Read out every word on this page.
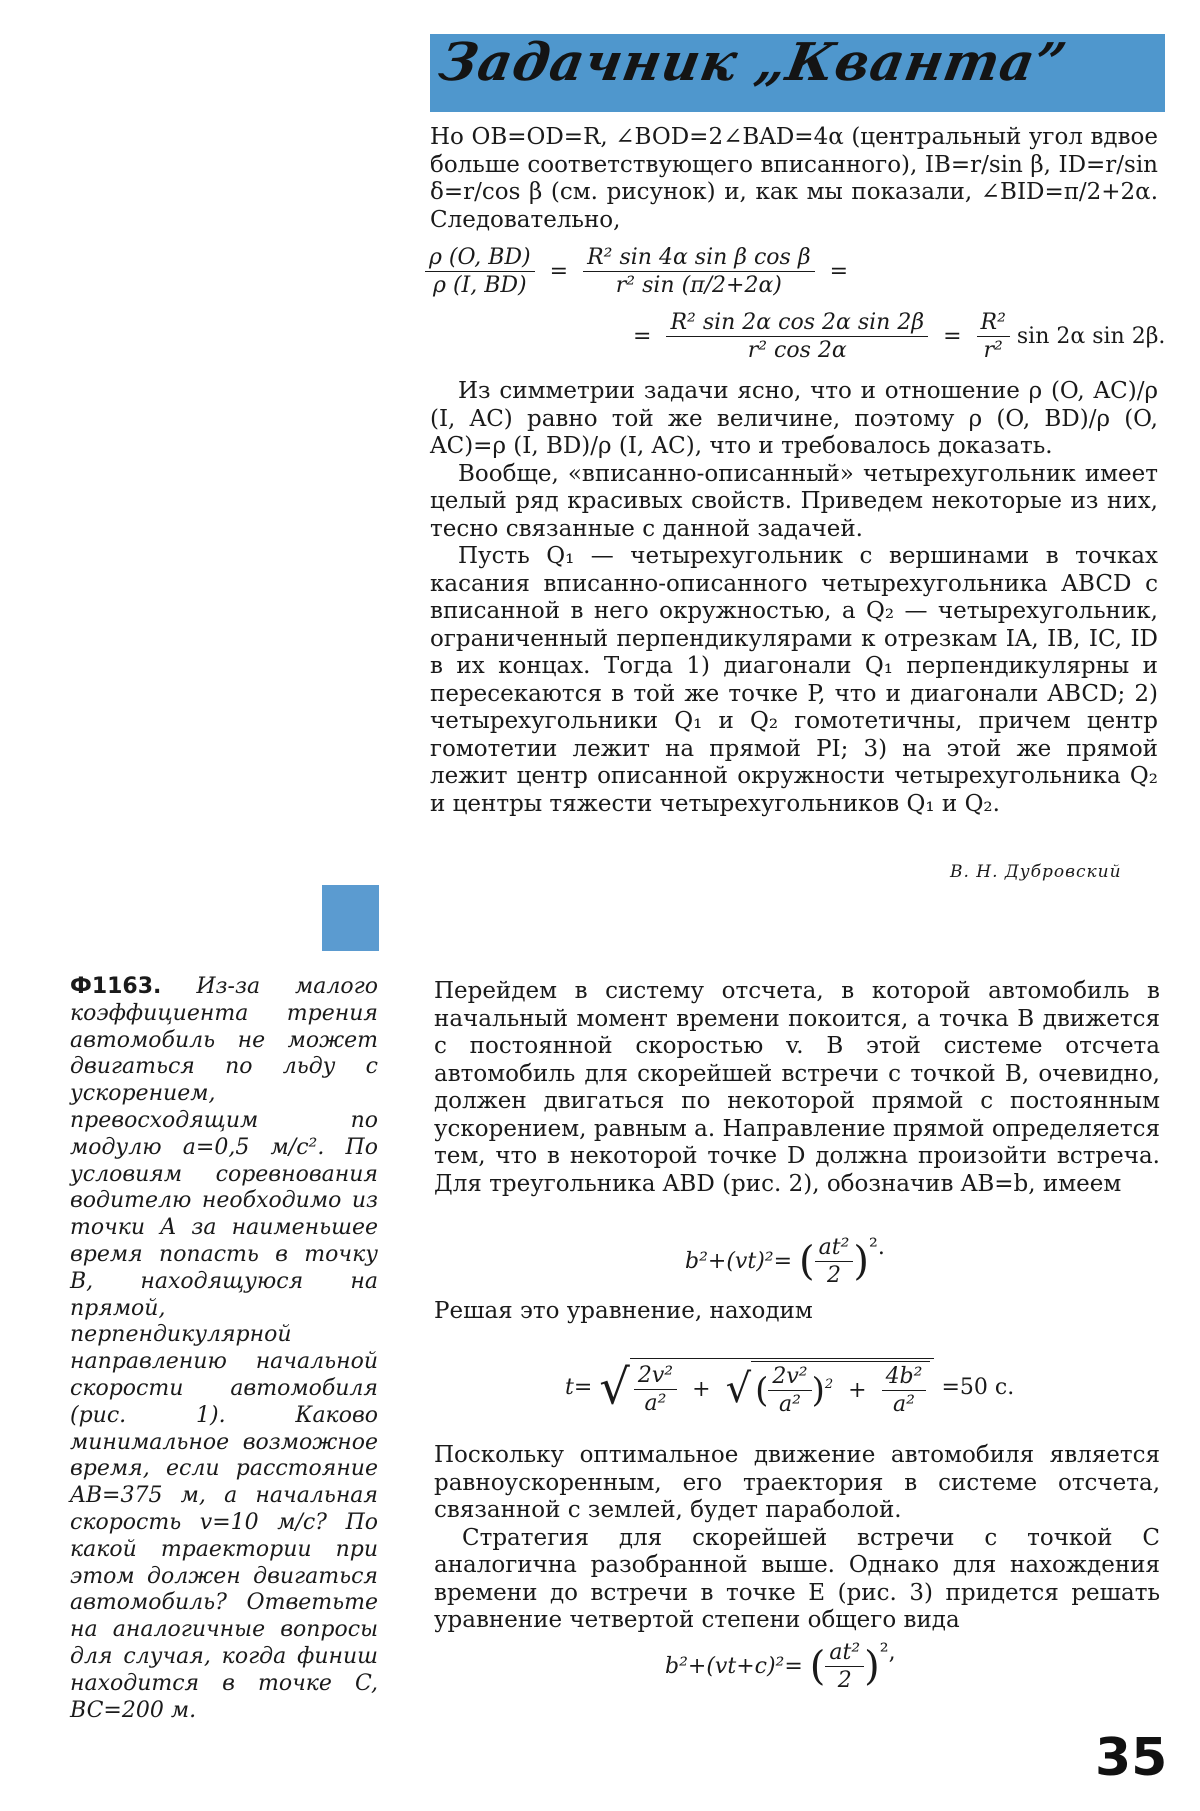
Задачник „Кванта”

Но OB=OD=R, ∠BOD=2∠BAD=4α (центральный угол вдвое больше соответствующего вписанного), IB=r/sin β, ID=r/sin δ=r/cos β (см. рисунок) и, как мы показали, ∠BID=π/2+2α. Следовательно,

$\frac{\rho (O, BD)}{\rho (I, BD)} = \frac{\text{R² sin 4α sin β cos β}}{\text{r² sin (π/2+2α)}}$ =
= $\frac{\text{R² sin 2α cos 2α sin 2β}}{\text{r² cos 2α}} = \frac{\text{R²}}{\text{r²}}$ sin 2α sin 2β.

Из симметрии задачи ясно, что и отношение ρ (O, AC)/ρ (I, AC) равно той же величине, поэтому ρ (O, BD)/ρ (O, AC)=ρ (I, BD)/ρ (I, AC), что и требовалось доказать.

Вообще, «вписанно-описанный» четырехугольник имеет целый ряд красивых свойств. Приведем некоторые из них, тесно связанные с данной задачей.

Пусть Q₁ — четырехугольник с вершинами в точках касания вписанно-описанного четырехугольника ABCD с вписанной в него окружностью, а Q₂ — четырехугольник, ограниченный перпендикулярами к отрезкам IA, IB, IC, ID в их концах. Тогда 1) диагонали Q₁ перпендикулярны и пересекаются в той же точке P, что и диагонали ABCD; 2) четырехугольники Q₁ и Q₂ гомотетичны, причем центр гомотетии лежит на прямой PI; 3) на этой же прямой лежит центр описанной окружности четырехугольника Q₂ и центры тяжести четырехугольников Q₁ и Q₂.

В. Н. Дубровский
Ф1163. Из-за малого коэффициента трения автомобиль не может двигаться по льду с ускорением, превосходящим по модулю a=0,5 м/с². По условиям соревнования водителю необходимо из точки A за наименьшее время попасть в точку B, находящуюся на прямой, перпендикулярной направлению начальной скорости автомобиля (рис. 1). Каково минимальное возможное время, если расстояние AB=375 м, а начальная скорость v=10 м/с? По какой траектории при этом должен двигаться автомобиль? Ответьте на аналогичные вопросы для случая, когда финиш находится в точке C, BC=200 м.

Перейдем в систему отсчета, в которой автомобиль в начальный момент времени покоится, а точка B движется с постоянной скоростью v. В этой системе отсчета автомобиль для скорейшей встречи с точкой B, очевидно, должен двигаться по некоторой прямой с постоянным ускорением, равным a. Направление прямой определяется тем, что в некоторой точке D должна произойти встреча. Для треугольника ABD (рис. 2), обозначив AB=b, имеем

b²+(vt)²= ( $\frac{\text{at²}}{2} )^2$.

Решая это уравнение, находим

t= √ $\frac{\text{2v²}}{\text{a²}}$ + √ ( $\frac{\text{2v²}}{\text{a²}} )^2 + \frac{\text{4b²}}{\text{a²}} =50$ с.

Поскольку оптимальное движение автомобиля является равноускоренным, его траектория в системе отсчета, связанной с землей, будет параболой.

Стратегия для скорейшей встречи с точкой C аналогична разобранной выше. Однако для нахождения времени до встречи в точке E (рис. 3) придется решать уравнение четвертой степени общего вида

b²+(vt+c)²= ( $\frac{\text{at²}}{2} )^2$,
35
